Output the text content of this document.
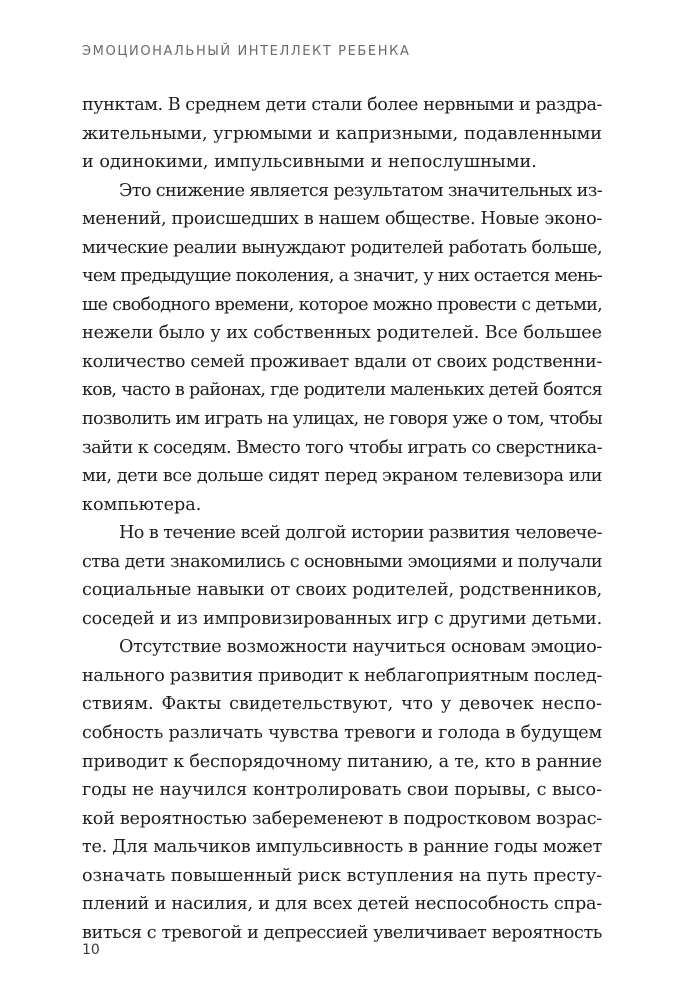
ЭМОЦИОНАЛЬНЫЙ ИНТЕЛЛЕКТ РЕБЕНКА
пунктам. В среднем дети стали более нервными и раздра-
жительными, угрюмыми и капризными, подавленными
и одинокими, импульсивными и непослушными.
Это снижение является результатом значительных из-
менений, происшедших в нашем обществе. Новые эконо-
мические реалии вынуждают родителей работать больше,
чем предыдущие поколения, а значит, у них остается мень-
ше свободного времени, которое можно провести с детьми,
нежели было у их собственных родителей. Все большее
количество семей проживает вдали от своих родственни-
ков, часто в районах, где родители маленьких детей боятся
позволить им играть на улицах, не говоря уже о том, чтобы
зайти к соседям. Вместо того чтобы играть со сверстника-
ми, дети все дольше сидят перед экраном телевизора или
компьютера.
Но в течение всей долгой истории развития человече-
ства дети знакомились с основными эмоциями и получали
социальные навыки от своих родителей, родственников,
соседей и из импровизированных игр с другими детьми.
Отсутствие возможности научиться основам эмоцио-
нального развития приводит к неблагоприятным послед-
ствиям. Факты свидетельствуют, что у девочек неспо-
собность различать чувства тревоги и голода в будущем
приводит к беспорядочному питанию, а те, кто в ранние
годы не научился контролировать свои порывы, с высо-
кой вероятностью забеременеют в подростковом возрас-
те. Для мальчиков импульсивность в ранние годы может
означать повышенный риск вступления на путь престу-
плений и насилия, и для всех детей неспособность спра-
виться с тревогой и депрессией увеличивает вероятность
10
